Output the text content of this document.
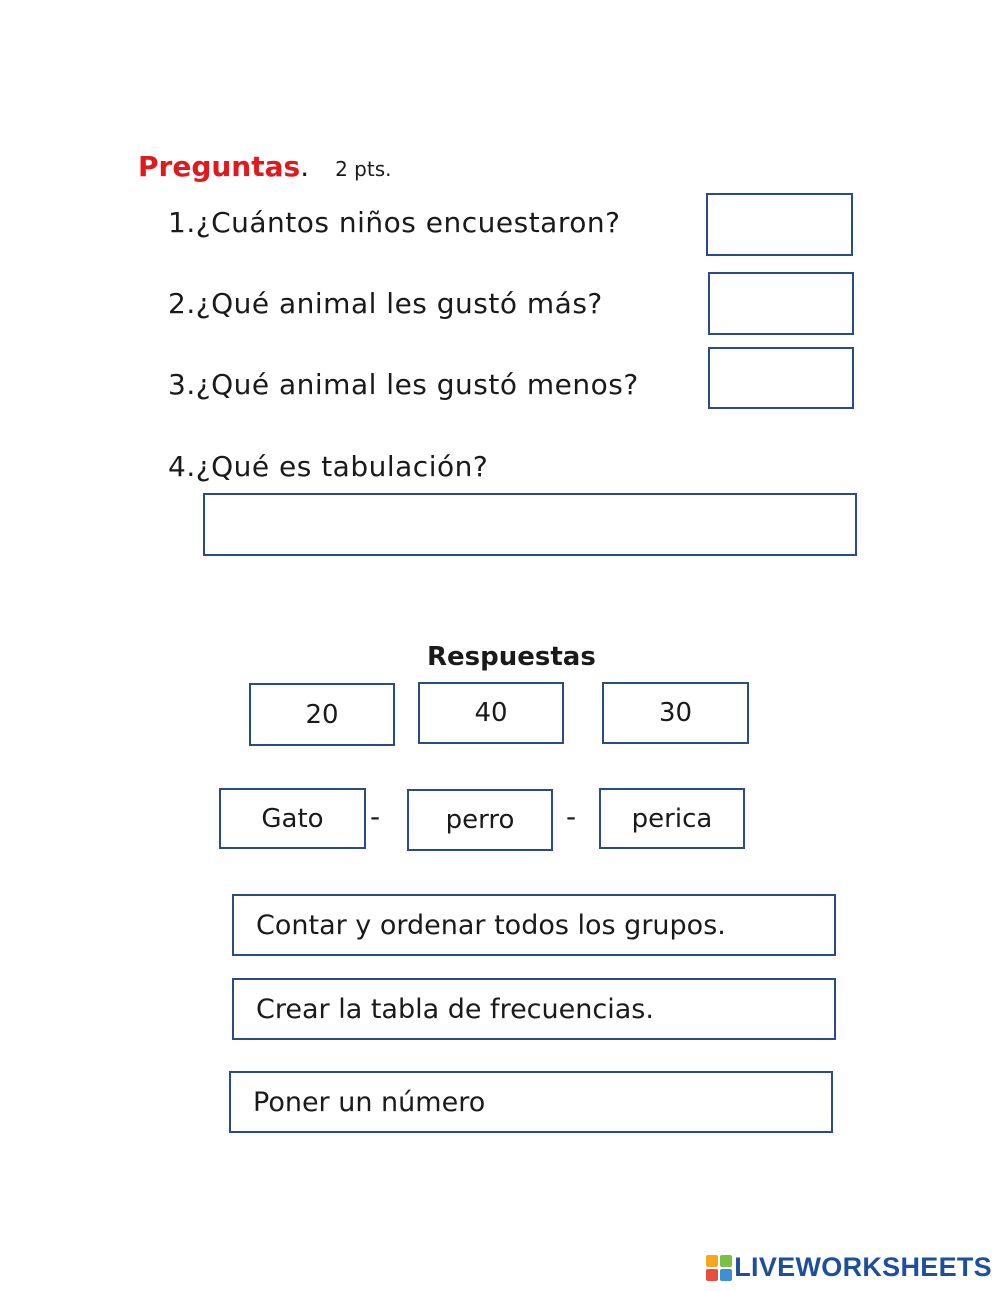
Preguntas. 2 pts.
1.¿Cuántos niños encuestaron?
2.¿Qué animal les gustó más?
3.¿Qué animal les gustó menos?
4.¿Qué es tabulación?
Respuestas
20	40	30
Gato	-	perro	-	perica
Contar y ordenar todos los grupos.
Crear la tabla de frecuencias.
Poner un número
LIVEWORKSHEETS
